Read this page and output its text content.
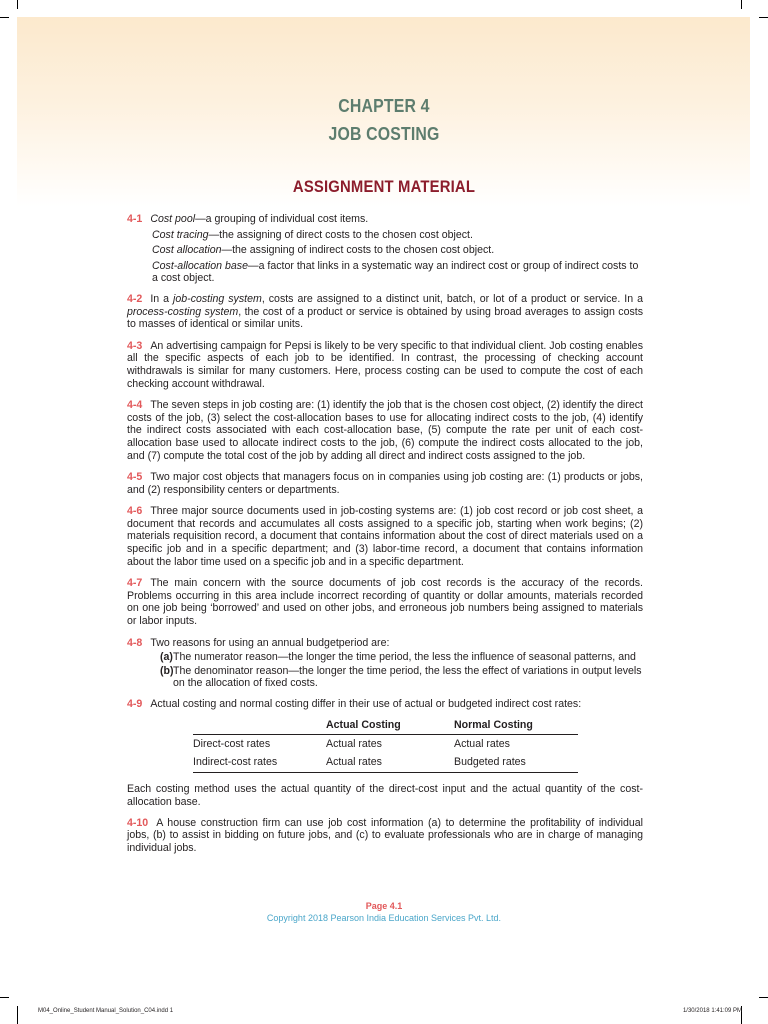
CHAPTER 4
JOB COSTING
ASSIGNMENT MATERIAL

4-1 Cost pool—a grouping of individual cost items.

Cost tracing—the assigning of direct costs to the chosen cost object.

Cost allocation—the assigning of indirect costs to the chosen cost object.

Cost-allocation base—a factor that links in a systematic way an indirect cost or group of indirect costs to a cost object.

4-2 In a job-costing system, costs are assigned to a distinct unit, batch, or lot of a product or service. In a process-costing system, the cost of a product or service is obtained by using broad averages to assign costs to masses of identical or similar units.

4-3 An advertising campaign for Pepsi is likely to be very specific to that individual client. Job costing enables all the specific aspects of each job to be identified. In contrast, the processing of checking account withdrawals is similar for many customers. Here, process costing can be used to compute the cost of each checking account withdrawal.

4-4 The seven steps in job costing are: (1) identify the job that is the chosen cost object, (2) identify the direct costs of the job, (3) select the cost-allocation bases to use for allocating indirect costs to the job, (4) identify the indirect costs associated with each cost-allocation base, (5) compute the rate per unit of each cost-allocation base used to allocate indirect costs to the job, (6) compute the indirect costs allocated to the job, and (7) compute the total cost of the job by adding all direct and indirect costs assigned to the job.

4-5 Two major cost objects that managers focus on in companies using job costing are: (1) products or jobs, and (2) responsibility centers or departments.

4-6 Three major source documents used in job-costing systems are: (1) job cost record or job cost sheet, a document that records and accumulates all costs assigned to a specific job, starting when work begins; (2) materials requisition record, a document that contains information about the cost of direct materials used on a specific job and in a specific department; and (3) labor-time record, a document that contains information about the labor time used on a specific job and in a specific department.

4-7 The main concern with the source documents of job cost records is the accuracy of the records. Problems occurring in this area include incorrect recording of quantity or dollar amounts, materials recorded on one job being ‘borrowed’ and used on other jobs, and erroneous job numbers being assigned to materials or labor inputs.

4-8 Two reasons for using an annual budgetperiod are:

(a) The numerator reason—the longer the time period, the less the influence of seasonal patterns, and
(b) The denominator reason—the longer the time period, the less the effect of variations in output levels on the allocation of fixed costs.

4-9 Actual costing and normal costing differ in their use of actual or budgeted indirect cost rates:

	Actual Costing	Normal Costing
Direct-cost rates	Actual rates	Actual rates
Indirect-cost rates	Actual rates	Budgeted rates

Each costing method uses the actual quantity of the direct-cost input and the actual quantity of the cost-allocation base.

4-10 A house construction firm can use job cost information (a) to determine the profitability of individual jobs, (b) to assist in bidding on future jobs, and (c) to evaluate professionals who are in charge of managing individual jobs.

Page 4.1
Copyright 2018 Pearson India Education Services Pvt. Ltd.
M04_Online_Student Manual_Solution_C04.indd 1	1/30/2018 1:41:09 PM
